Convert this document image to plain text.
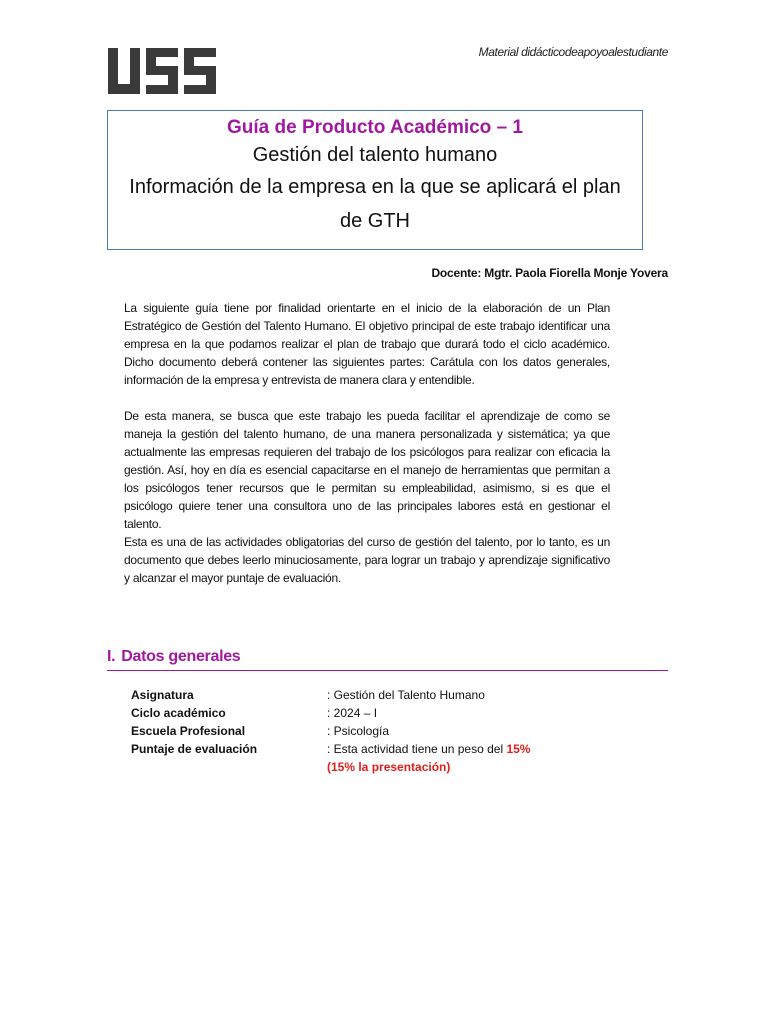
Material didácticodeapoyoalestudiante
Guía de Producto Académico – 1
Gestión del talento humano
Información de la empresa en la que se aplicará el plan de GTH
Docente: Mgtr. Paola Fiorella Monje Yovera

La siguiente guía tiene por finalidad orientarte en el inicio de la elaboración de un Plan Estratégico de Gestión del Talento Humano. El objetivo principal de este trabajo identificar una empresa en la que podamos realizar el plan de trabajo que durará todo el ciclo académico. Dicho documento deberá contener las siguientes partes: Carátula con los datos generales, información de la empresa y entrevista de manera clara y entendible.

De esta manera, se busca que este trabajo les pueda facilitar el aprendizaje de como se maneja la gestión del talento humano, de una manera personalizada y sistemática; ya que actualmente las empresas requieren del trabajo de los psicólogos para realizar con eficacia la gestión. Así, hoy en día es esencial capacitarse en el manejo de herramientas que permitan a los psicólogos tener recursos que le permitan su empleabilidad, asimismo, si es que el psicólogo quiere tener una consultora uno de las principales labores está en gestionar el talento.

Esta es una de las actividades obligatorias del curso de gestión del talento, por lo tanto, es un documento que debes leerlo minuciosamente, para lograr un trabajo y aprendizaje significativo y alcanzar el mayor puntaje de evaluación.

I. Datos generales
Asignatura	: Gestión del Talento Humano
Ciclo académico	: 2024 – I
Escuela Profesional	: Psicología
Puntaje de evaluación	: Esta actividad tiene un peso del 15%
(15% la presentación)
